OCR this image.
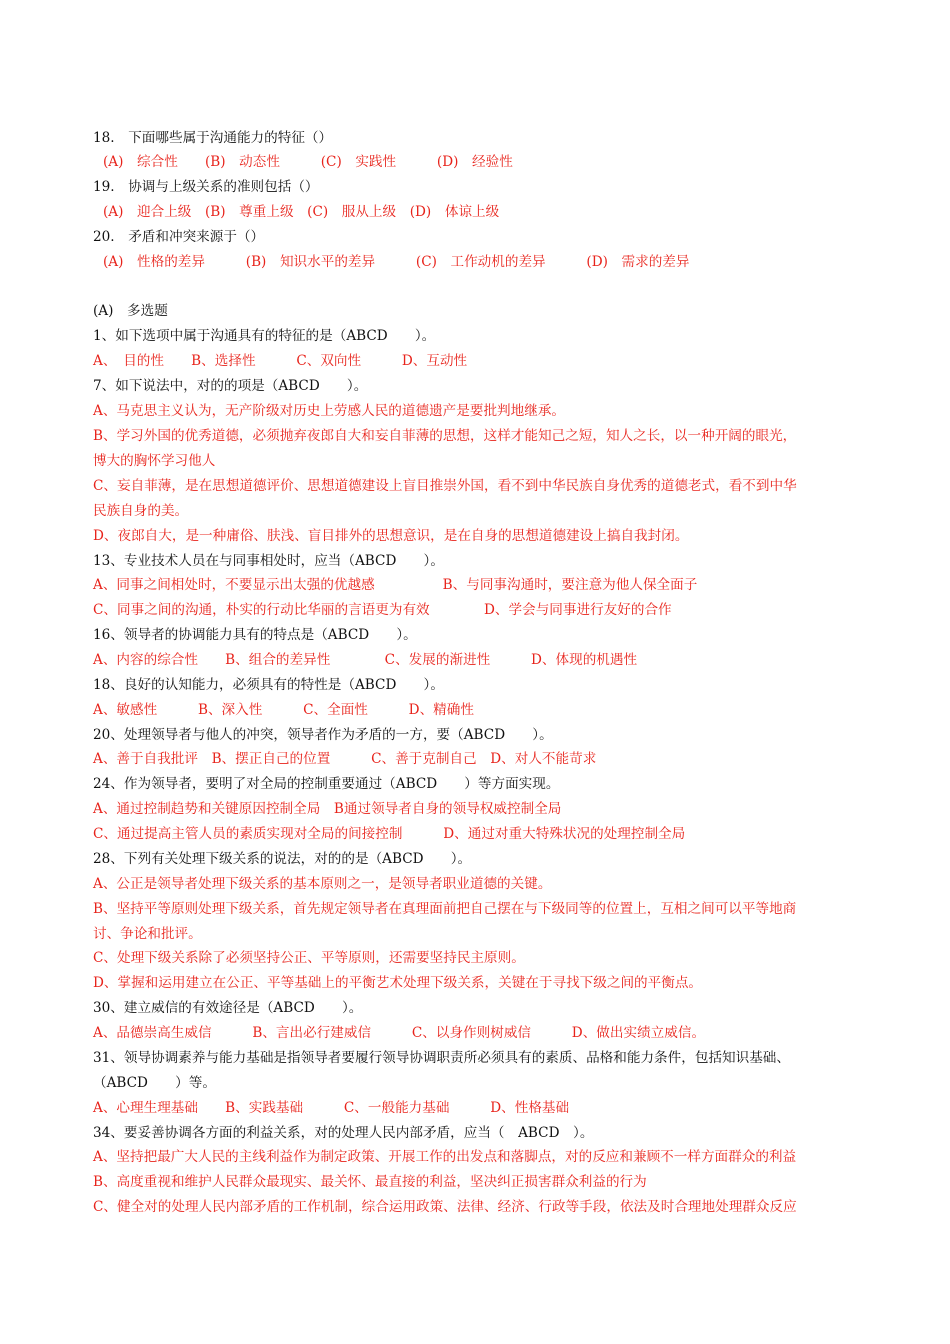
18.　下面哪些属于沟通能力的特征（）
(A)　综合性　　(B)　动态性　　　(C)　实践性　　　(D)　经验性
19.　协调与上级关系的准则包括（）
(A)　迎合上级　(B)　尊重上级　(C)　服从上级　(D)　体谅上级
20.　矛盾和冲突来源于（）
(A)　性格的差异　　　(B)　知识水平的差异　　　(C)　工作动机的差异　　　(D)　需求的差异
(A)　多选题
1、如下选项中属于沟通具有的特征的是（ABCD　　）。
A、　目的性　　B、选择性　　　C、双向性　　　D、互动性
7、如下说法中，对的的项是（ABCD　　）。
A、马克思主义认为，无产阶级对历史上劳感人民的道德遗产是要批判地继承。
B、学习外国的优秀道德，必须抛弃夜郎自大和妄自菲薄的思想，这样才能知己之短，知人之长，以一种开阔的眼光，
博大的胸怀学习他人
C、妄自菲薄，是在思想道德评价、思想道德建设上盲目推崇外国，看不到中华民族自身优秀的道德老式，看不到中华
民族自身的美。
D、夜郎自大，是一种庸俗、肤浅、盲目排外的思想意识，是在自身的思想道德建设上搞自我封闭。
13、专业技术人员在与同事相处时，应当（ABCD　　）。
A、同事之间相处时，不要显示出太强的优越感　　　　　B、与同事沟通时，要注意为他人保全面子
C、同事之间的沟通，朴实的行动比华丽的言语更为有效　　　　D、学会与同事进行友好的合作
16、领导者的协调能力具有的特点是（ABCD　　）。
A、内容的综合性　　B、组合的差异性　　　　C、发展的渐进性　　　D、体现的机遇性
18、良好的认知能力，必须具有的特性是（ABCD　　）。
A、敏感性　　　B、深入性　　　C、全面性　　　D、精确性
20、处理领导者与他人的冲突，领导者作为矛盾的一方，要（ABCD　　）。
A、善于自我批评　B、摆正自己的位置　　　C、善于克制自己　D、对人不能苛求
24、作为领导者，要明了对全局的控制重要通过（ABCD　　）等方面实现。
A、通过控制趋势和关键原因控制全局　B通过领导者自身的领导权威控制全局
C、通过提高主管人员的素质实现对全局的间接控制　　　D、通过对重大特殊状况的处理控制全局
28、下列有关处理下级关系的说法，对的的是（ABCD　　）。
A、公正是领导者处理下级关系的基本原则之一，是领导者职业道德的关键。
B、坚持平等原则处理下级关系，首先规定领导者在真理面前把自己摆在与下级同等的位置上，互相之间可以平等地商
讨、争论和批评。
C、处理下级关系除了必须坚持公正、平等原则，还需要坚持民主原则。
D、掌握和运用建立在公正、平等基础上的平衡艺术处理下级关系，关键在于寻找下级之间的平衡点。
30、建立威信的有效途径是（ABCD　　）。
A、品德崇高生威信　　　B、言出必行建威信　　　C、以身作则树威信　　　D、做出实绩立威信。
31、领导协调素养与能力基础是指领导者要履行领导协调职责所必须具有的素质、品格和能力条件，包括知识基础、
（ABCD　　）等。
A、心理生理基础　　B、实践基础　　　C、一般能力基础　　　D、性格基础
34、要妥善协调各方面的利益关系，对的处理人民内部矛盾，应当（　ABCD　）。
A、坚持把最广大人民的主线利益作为制定政策、开展工作的出发点和落脚点，对的反应和兼顾不一样方面群众的利益
B、高度重视和维护人民群众最现实、最关怀、最直接的利益，坚决纠正损害群众利益的行为
C、健全对的处理人民内部矛盾的工作机制，综合运用政策、法律、经济、行政等手段，依法及时合理地处理群众反应
